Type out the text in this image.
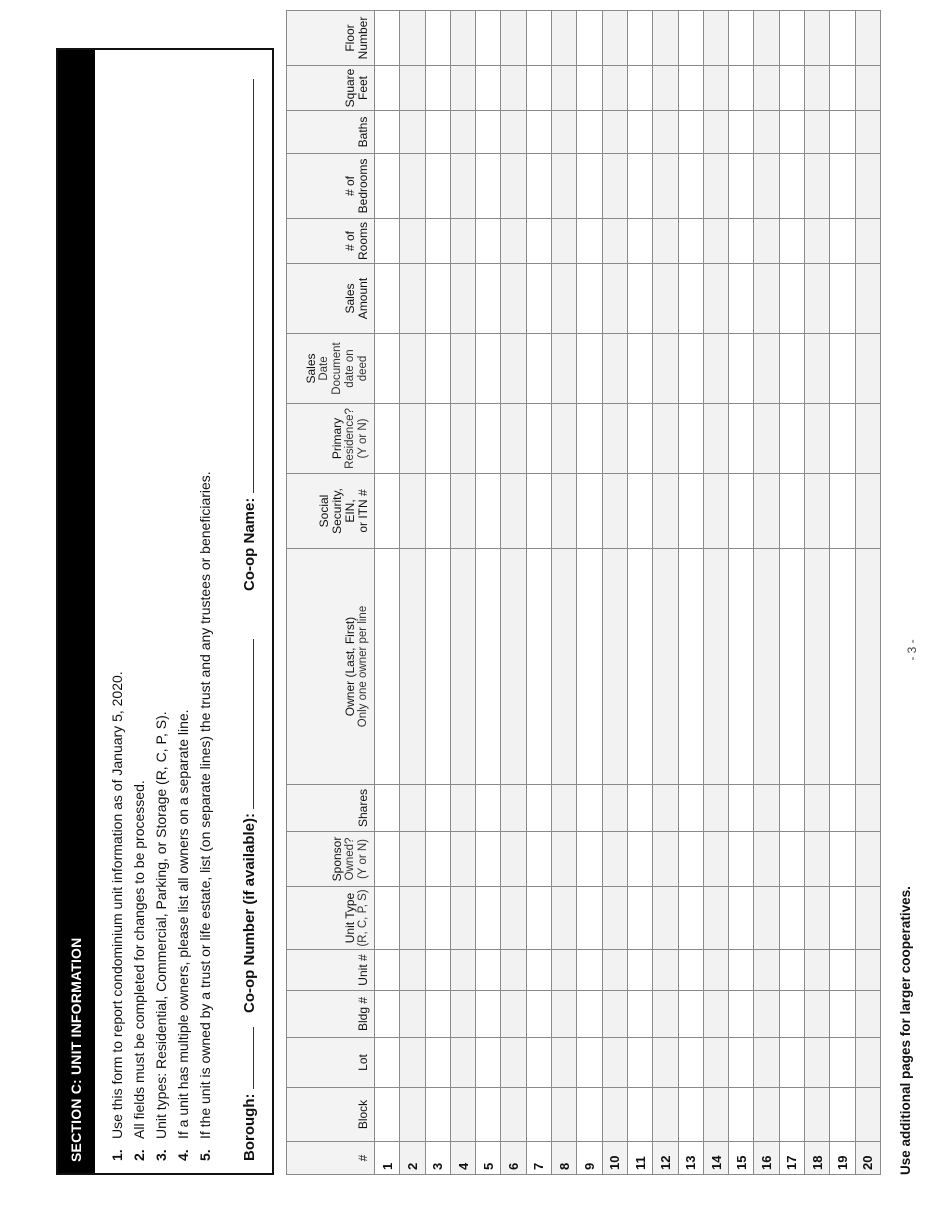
SECTION C: UNIT INFORMATION	1.Use this form to report condominium unit information as of January 5, 2020.
2.All fields must be completed for changes to be processed.
3.Unit types: Residential, Commercial, Parking, or Storage (R, C, P, S).
4.If a unit has multiple owners, please list all owners on a separate line.
5.If the unit is owned by a trust or life estate, list (on separate lines) the trust and any trustees or beneficiaries. Borough:
Co-op Number (if available):
Co-op Name:
#	Block	Lot	Bldg #	Unit #	Unit Type (R, C, P, S)	Sponsor Owned? (Y or N)	Shares	Owner (Last, First) Only one owner per line	Social Security, EIN, or ITN #	Primary Residence? (Y or N)	Sales Date Document date on deed	Sales Amount	# of Rooms	# of Bedrooms	Baths	Square Feet	Floor Number

1																	
2																	
3																	
4																	
5																	
6																	
7																	
8																	
9																	
10																	
11																	
12																	
13																	
14																	
15																	
16																	
17																	
18																	
19																	
20																	Use additional pages for larger cooperatives.
- 3 -
